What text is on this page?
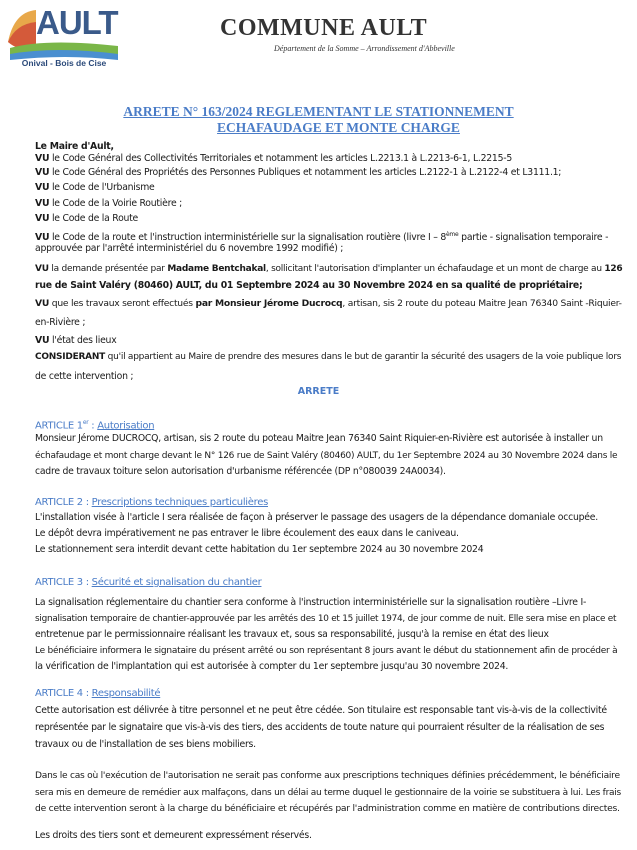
AULT
Onival - Bois de Cise
COMMUNE AULT
Département de la Somme – Arrondissement d'Abbeville
ARRETE N° 163/2024 REGLEMENTANT LE STATIONNEMENT
ECHAFAUDAGE ET MONTE CHARGE
Le Maire d'Ault,
VU le Code Général des Collectivités Territoriales et notamment les articles L.2213.1 à L.2213-6-1, L.2215-5
VU le Code Général des Propriétés des Personnes Publiques et notamment les articles L.2122-1 à L.2122-4 et L3111.1;
VU le Code de l'Urbanisme
VU le Code de la Voirie Routière ;
VU le Code de la Route
VU le Code de la route et l'instruction interministérielle sur la signalisation routière (livre I – 8ème partie - signalisation temporaire -
approuvée par l'arrêté interministériel du 6 novembre 1992 modifié) ;
VU la demande présentée par Madame Bentchakal, sollicitant l'autorisation d'implanter un échafaudage et un mont de charge au 126
rue de Saint Valéry (80460) AULT, du 01 Septembre 2024 au 30 Novembre 2024 en sa qualité de propriétaire;
VU que les travaux seront effectués par Monsieur Jérome Ducrocq, artisan, sis 2 route du poteau Maitre Jean 76340 Saint -Riquier-
en-Rivière ;
VU l'état des lieux
CONSIDERANT qu'il appartient au Maire de prendre des mesures dans le but de garantir la sécurité des usagers de la voie publique lors
de cette intervention ;
ARRETE
ARTICLE 1er : Autorisation
Monsieur Jérome DUCROCQ, artisan, sis 2 route du poteau Maitre Jean 76340 Saint Riquier-en-Rivière est autorisée à installer un
échafaudage et mont charge devant le N° 126 rue de Saint Valéry (80460) AULT, du 1er Septembre 2024 au 30 Novembre 2024 dans le
cadre de travaux toiture selon autorisation d'urbanisme référencée (DP n°080039 24A0034).
ARTICLE 2 : Prescriptions techniques particulières
L'installation visée à l'article I sera réalisée de façon à préserver le passage des usagers de la dépendance domaniale occupée.
Le dépôt devra impérativement ne pas entraver le libre écoulement des eaux dans le caniveau.
Le stationnement sera interdit devant cette habitation du 1er septembre 2024 au 30 novembre 2024
ARTICLE 3 : Sécurité et signalisation du chantier
La signalisation réglementaire du chantier sera conforme à l'instruction interministérielle sur la signalisation routière –Livre I-
signalisation temporaire de chantier-approuvée par les arrêtés des 10 et 15 juillet 1974, de jour comme de nuit. Elle sera mise en place et
entretenue par le permissionnaire réalisant les travaux et, sous sa responsabilité, jusqu'à la remise en état des lieux
Le bénéficiaire informera le signataire du présent arrêté ou son représentant 8 jours avant le début du stationnement afin de procéder à
la vérification de l'implantation qui est autorisée à compter du 1er septembre jusqu'au 30 novembre 2024.
ARTICLE 4 : Responsabilité
Cette autorisation est délivrée à titre personnel et ne peut être cédée. Son titulaire est responsable tant vis-à-vis de la collectivité
représentée par le signataire que vis-à-vis des tiers, des accidents de toute nature qui pourraient résulter de la réalisation de ses
travaux ou de l'installation de ses biens mobiliers.
Dans le cas où l'exécution de l'autorisation ne serait pas conforme aux prescriptions techniques définies précédemment, le bénéficiaire
sera mis en demeure de remédier aux malfaçons, dans un délai au terme duquel le gestionnaire de la voirie se substituera à lui. Les frais
de cette intervention seront à la charge du bénéficiaire et récupérés par l'administration comme en matière de contributions directes.
Les droits des tiers sont et demeurent expressément réservés.
